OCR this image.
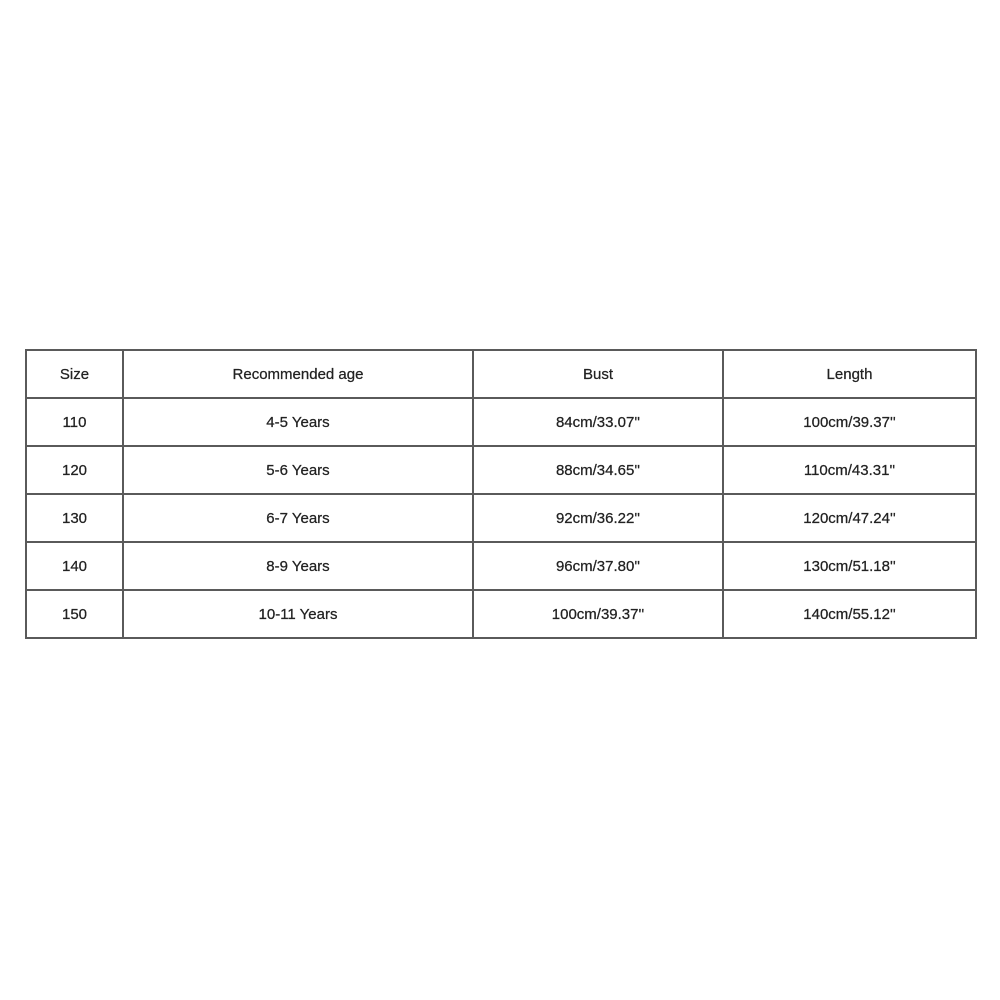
Size	Recommended age	Bust	Length
110	4-5 Years	84cm/33.07''	100cm/39.37''
120	5-6 Years	88cm/34.65''	110cm/43.31''
130	6-7 Years	92cm/36.22''	120cm/47.24''
140	8-9 Years	96cm/37.80''	130cm/51.18''
150	10-11 Years	100cm/39.37''	140cm/55.12''
